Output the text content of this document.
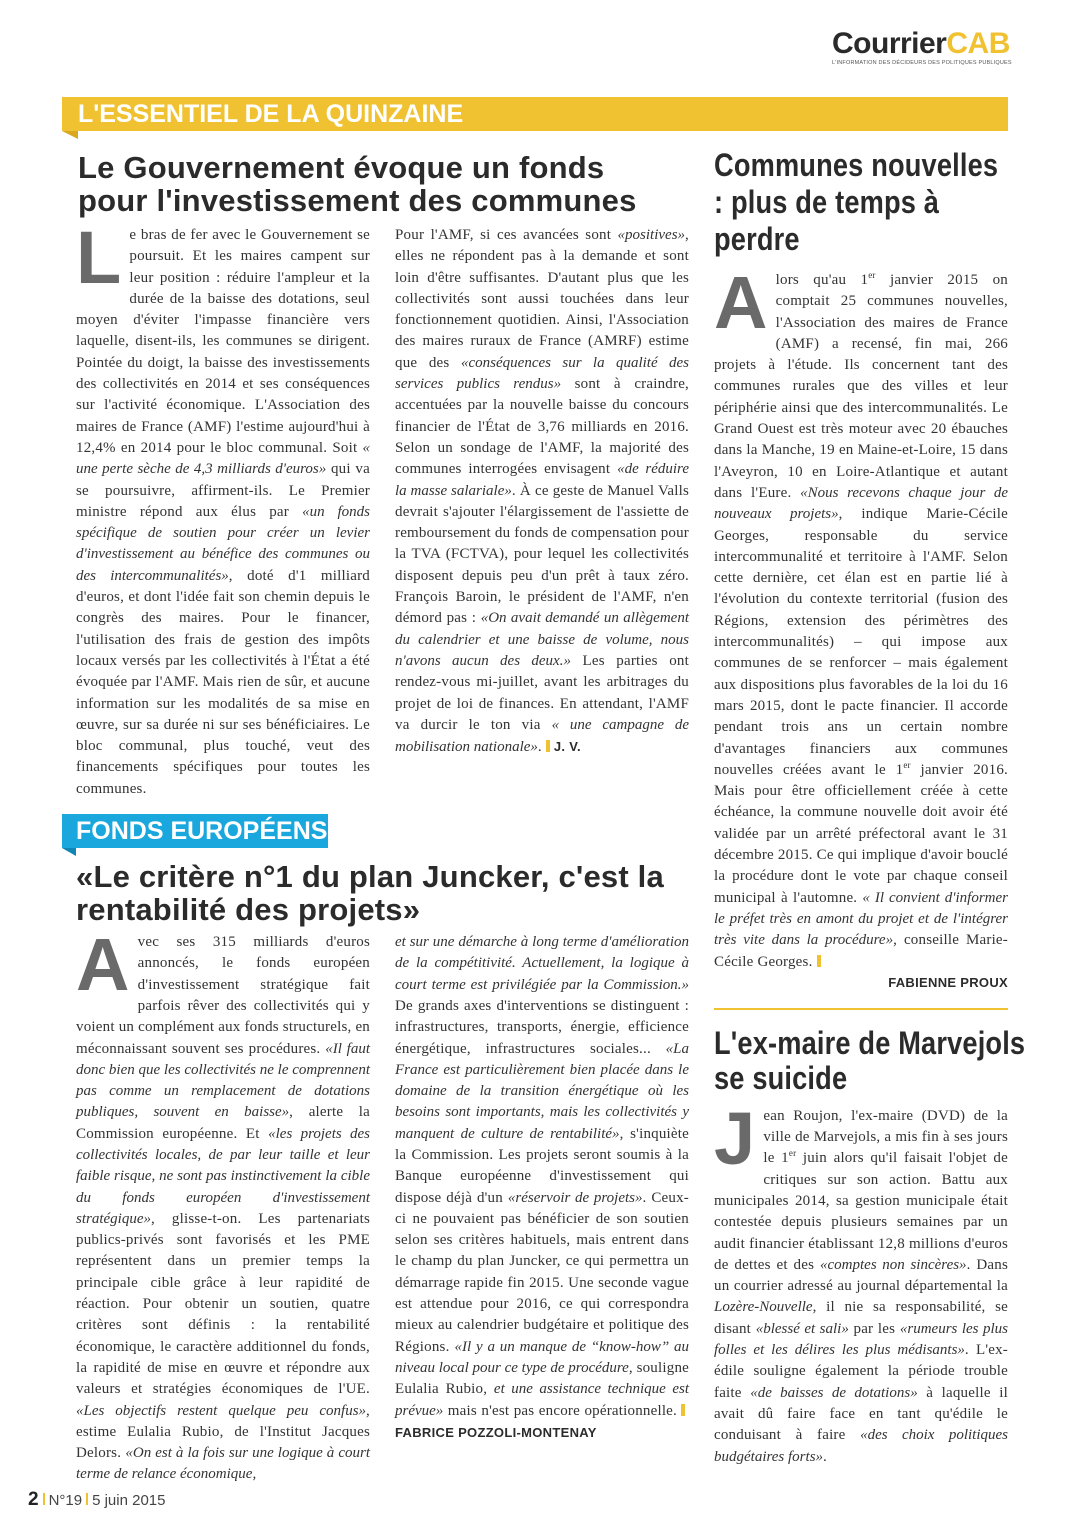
CourrierCAB
L'INFORMATION DES DÉCIDEURS DES POLITIQUES PUBLIQUES
L'ESSENTIEL DE LA QUINZAINE
Le Gouvernement évoque un fonds pour l'investissement des communes
Le bras de fer avec le Gouvernement se poursuit. Et les maires campent sur leur position : réduire l'ampleur et la durée de la baisse des dotations, seul moyen d'éviter l'impasse financière vers laquelle, disent-ils, les communes se dirigent. Pointée du doigt, la baisse des investissements des collectivités en 2014 et ses conséquences sur l'activité économique. L'Association des maires de France (AMF) l'estime aujourd'hui à 12,4% en 2014 pour le bloc communal. Soit « une perte sèche de 4,3 milliards d'euros» qui va se poursuivre, affirment-ils. Le Premier ministre répond aux élus par «un fonds spécifique de soutien pour créer un levier d'investissement au bénéfice des communes ou des intercommunalités», doté d'1 milliard d'euros, et dont l'idée fait son chemin depuis le congrès des maires. Pour le financer, l'utilisation des frais de gestion des impôts locaux versés par les collectivités à l'État a été évoquée par l'AMF. Mais rien de sûr, et aucune information sur les modalités de sa mise en œuvre, sur sa durée ni sur ses bénéficiaires. Le bloc communal, plus touché, veut des financements spécifiques pour toutes les communes.
Pour l'AMF, si ces avancées sont «positives», elles ne répondent pas à la demande et sont loin d'être suffisantes. D'autant plus que les collectivités sont aussi touchées dans leur fonctionnement quotidien. Ainsi, l'Association des maires ruraux de France (AMRF) estime que des «conséquences sur la qualité des services publics rendus» sont à craindre, accentuées par la nouvelle baisse du concours financier de l'État de 3,76 milliards en 2016. Selon un sondage de l'AMF, la majorité des communes interrogées envisagent «de réduire la masse salariale». À ce geste de Manuel Valls devrait s'ajouter l'élargissement de l'assiette de remboursement du fonds de compensation pour la TVA (FCTVA), pour lequel les collectivités disposent depuis peu d'un prêt à taux zéro. François Baroin, le président de l'AMF, n'en démord pas : «On avait demandé un allègement du calendrier et une baisse de volume, nous n'avons aucun des deux.» Les parties ont rendez-vous mi-juillet, avant les arbitrages du projet de loi de finances. En attendant, l'AMF va durcir le ton via « une campagne de mobilisation nationale». J. V.
FONDS EUROPÉENS
«Le critère n°1 du plan Juncker, c'est la rentabilité des projets»
Avec ses 315 milliards d'euros annoncés, le fonds européen d'investissement stratégique fait parfois rêver des collectivités qui y voient un complément aux fonds structurels, en méconnaissant souvent ses procédures. «Il faut donc bien que les collectivités ne le comprennent pas comme un remplacement de dotations publiques, souvent en baisse», alerte la Commission européenne. Et «les projets des collectivités locales, de par leur taille et leur faible risque, ne sont pas instinctivement la cible du fonds européen d'investissement stratégique», glisse-t-on. Les partenariats publics-privés sont favorisés et les PME représentent dans un premier temps la principale cible grâce à leur rapidité de réaction. Pour obtenir un soutien, quatre critères sont définis : la rentabilité économique, le caractère additionnel du fonds, la rapidité de mise en œuvre et répondre aux valeurs et stratégies économiques de l'UE. «Les objectifs restent quelque peu confus», estime Eulalia Rubio, de l'Institut Jacques Delors. «On est à la fois sur une logique à court terme de relance économique,
et sur une démarche à long terme d'amélioration de la compétitivité. Actuellement, la logique à court terme est privilégiée par la Commission.» De grands axes d'interventions se distinguent : infrastructures, transports, énergie, efficience énergétique, infrastructures sociales... «La France est particulièrement bien placée dans le domaine de la transition énergétique où les besoins sont importants, mais les collectivités y manquent de culture de rentabilité», s'inquiète la Commission. Les projets seront soumis à la Banque européenne d'investissement qui dispose déjà d'un «réservoir de projets». Ceux-ci ne pouvaient pas bénéficier de son soutien selon ses critères habituels, mais entrent dans le champ du plan Juncker, ce qui permettra un démarrage rapide fin 2015. Une seconde vague est attendue pour 2016, ce qui correspondra mieux au calendrier budgétaire et politique des Régions. «Il y a un manque de “know-how” au niveau local pour ce type de procédure, souligne Eulalia Rubio, et une assistance technique est prévue» mais n'est pas encore opérationnelle.FABRICE POZZOLI-MONTENAY
Communes nouvelles : plus de temps à perdre
Alors qu'au 1er janvier 2015 on comptait 25 communes nouvelles, l'Association des maires de France (AMF) a recensé, fin mai, 266 projets à l'étude. Ils concernent tant des communes rurales que des villes et leur périphérie ainsi que des intercommunalités. Le Grand Ouest est très moteur avec 20 ébauches dans la Manche, 19 en Maine-et-Loire, 15 dans l'Aveyron, 10 en Loire-Atlantique et autant dans l'Eure. «Nous recevons chaque jour de nouveaux projets», indique Marie-Cécile Georges, responsable du service intercommunalité et territoire à l'AMF. Selon cette dernière, cet élan est en partie lié à l'évolution du contexte territorial (fusion des Régions, extension des périmètres des intercommunalités) – qui impose aux communes de se renforcer – mais également aux dispositions plus favorables de la loi du 16 mars 2015, dont le pacte financier. Il accorde pendant trois ans un certain nombre d'avantages financiers aux communes nouvelles créées avant le 1er janvier 2016. Mais pour être officiellement créée à cette échéance, la commune nouvelle doit avoir été validée par un arrêté préfectoral avant le 31 décembre 2015. Ce qui implique d'avoir bouclé la procédure dont le vote par chaque conseil municipal à l'automne. « Il convient d'informer le préfet très en amont du projet et de l'intégrer très vite dans la procédure», conseille Marie-Cécile Georges.
FABIENNE PROUX
L'ex-maire de Marvejols se suicide
Jean Roujon, l'ex-maire (DVD) de la ville de Marvejols, a mis fin à ses jours le 1er juin alors qu'il faisait l'objet de critiques sur son action. Battu aux municipales 2014, sa gestion municipale était contestée depuis plusieurs semaines par un audit financier établissant 12,8 millions d'euros de dettes et des «comptes non sincères». Dans un courrier adressé au journal départemental la Lozère-Nouvelle, il nie sa responsabilité, se disant «blessé et sali» par les «rumeurs les plus folles et les délires les plus médisants». L'ex-édile souligne également la période trouble faite «de baisses de dotations» à laquelle il avait dû faire face en tant qu'édile le conduisant à faire «des choix politiques budgétaires forts».
2 N°19 5 juin 2015
